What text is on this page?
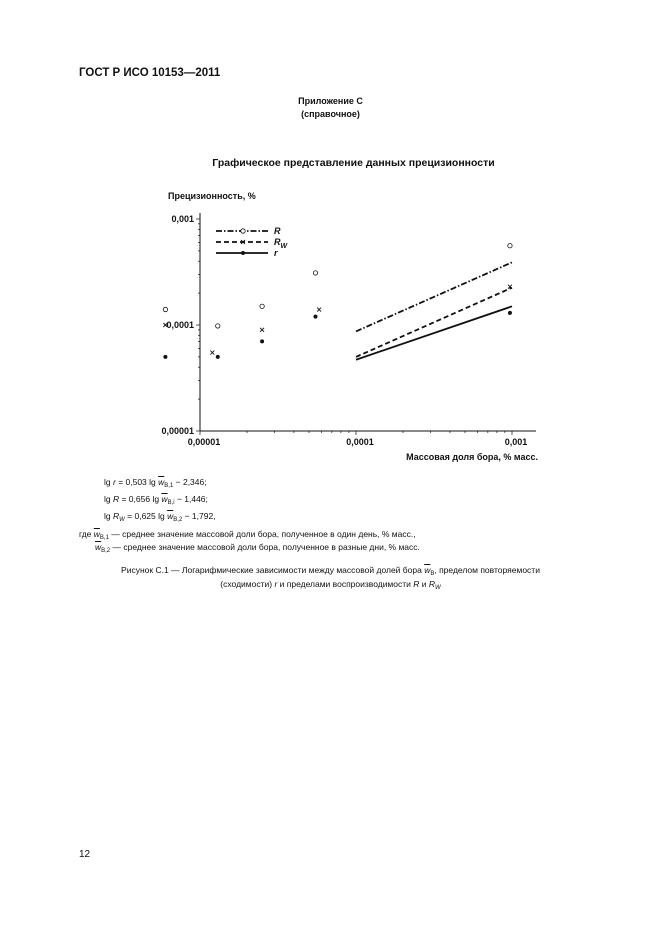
ГОСТ Р ИСО 10153—2011
Приложение С
(справочное)
Графическое представление данных прецизионности
0,00001
0,0001
0,001
0,00001	0,0001	0,001
Прецизионность, %
Массовая доля бора, % масс.
R
$R_W$
r
lg r = 0,503 $\lg \overline{w}_{B,1} - 2,346$;
lg R = 0,656 $\lg \overline{w}_{B,i} - 1,446$;
$\lg R_W = 0,625$ $\lg \overline{w}_{B,2} - 1,792$,
где $\overline{w}_{B,1}$ — среднее значение массовой доли бора, полученное в один день, % масс.,
$\overline{w}_{B,2}$ — среднее значение массовой доли бора, полученное в разные дни, % масс.
Рисунок С.1 — Логарифмические зависимости между массовой долей бора $\overline{w}_B$, пределом повторяемости
(сходимости) r и пределами воспроизводимости R и $R_W$
12
